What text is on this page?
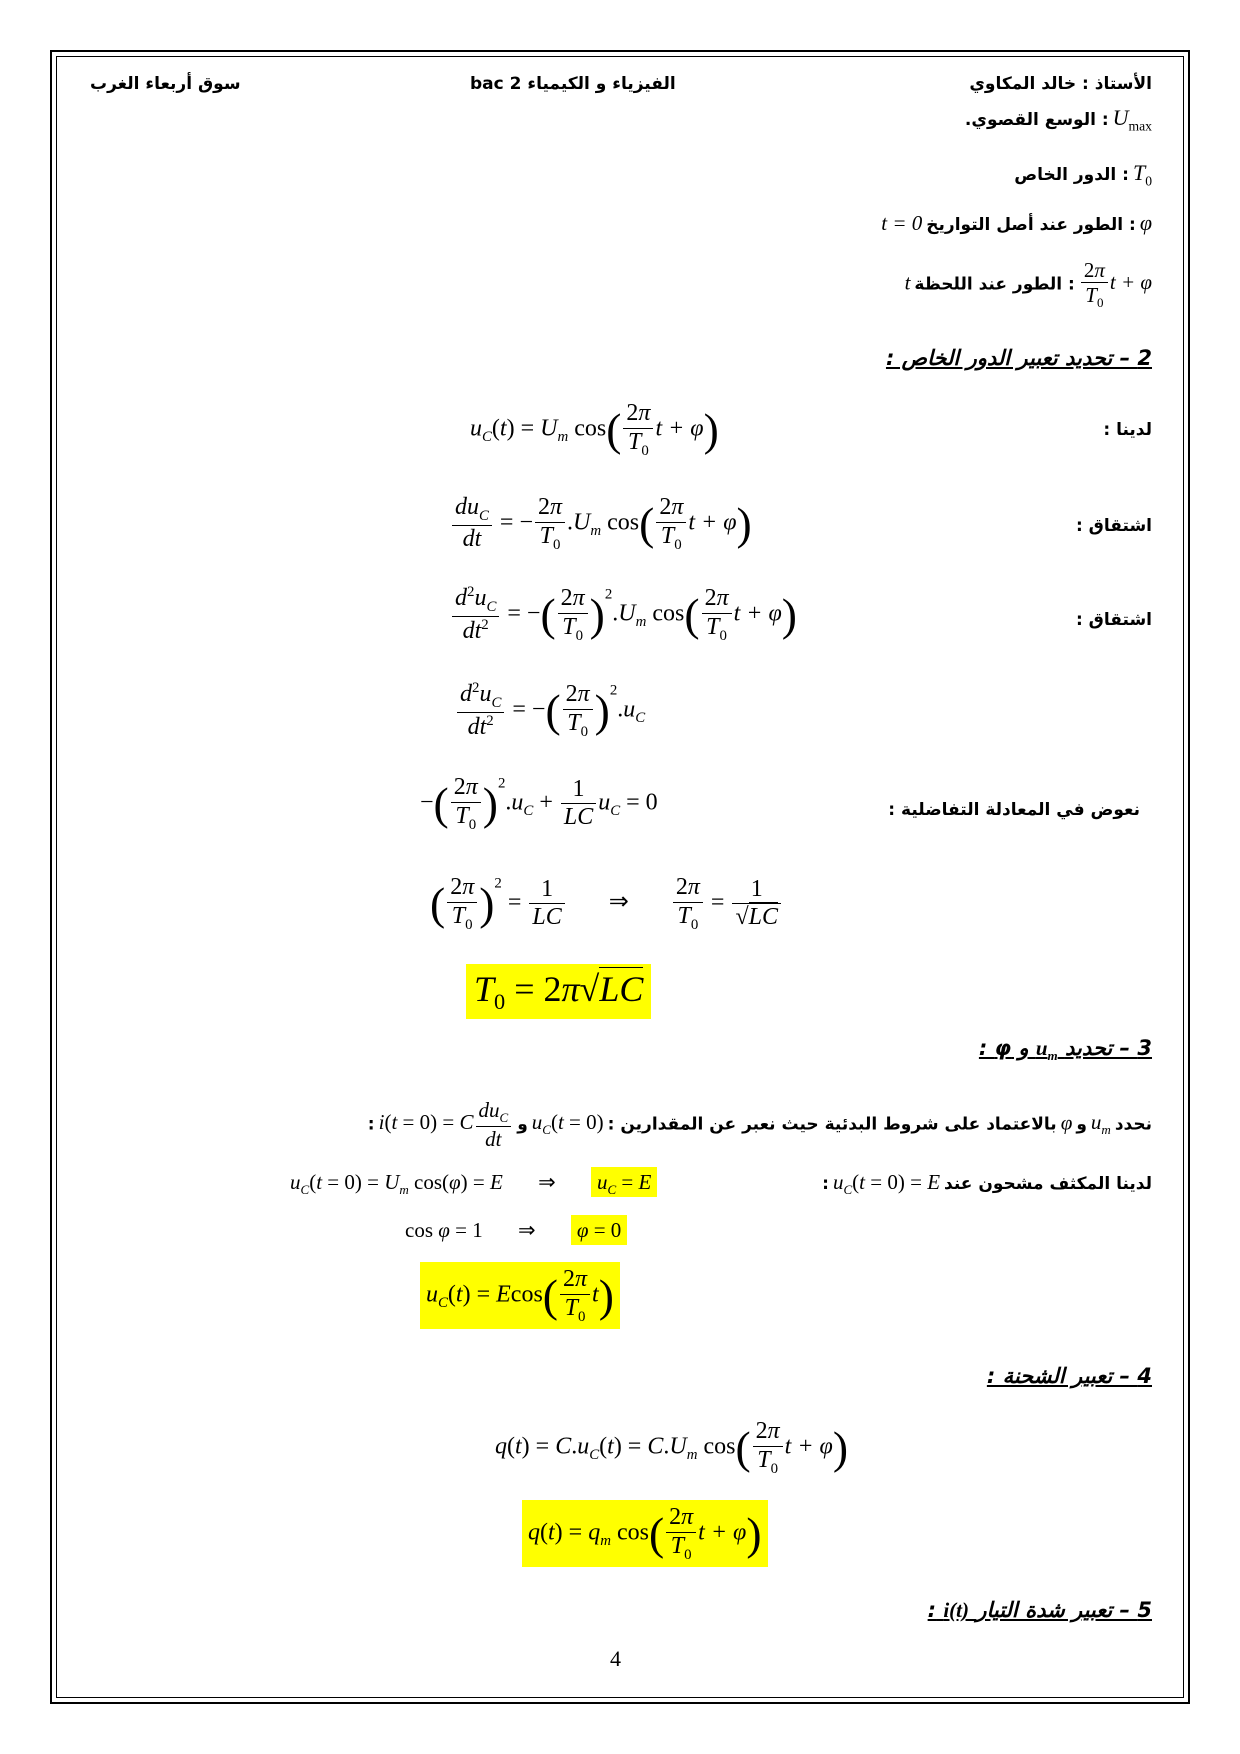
الأستاذ : خالد المكاوي
الفيزياء و الكيمياء 2 bac
سوق أربعاء الغرب
$U_{max}$ : الوسع القصوي.
$T_0$ : الدور الخاص
φ : الطور عند أصل التواريخ t = 0
$\frac{2\pi}{T_0}$ t + φ : الطور عند اللحظة t
2 – تحديد تعبير الدور الخاص :
لدينا :
$u_C(t) = U_m$ $\cos( \frac{2\pi}{T_0}$ t + φ)
اشتقاق :
$\frac{du_C}{dt}$ = − $\frac{2\pi}{T_0} .U_m$ $\cos( \frac{2\pi}{T_0}$ t + φ)
اشتقاق :
$\frac{d^2u_C}{dt^2}$ = −( $\frac{2\pi}{T_0} )^2.U_m$ $\cos( \frac{2\pi}{T_0}$ t + φ)
$\frac{d^2u_C}{dt^2}$ = −( $\frac{2\pi}{T_0} )^2.u_C$
نعوض في المعادلة التفاضلية :
−( $\frac{2\pi}{T_0} )^2.u_C + \frac{1}{LC} u_C = 0$
( $\frac{2\pi}{T_0} )^2 = \frac{1}{LC}$ ⇒ $\frac{2\pi}{T_0} = \frac{1}{√LC}$
$T_0 = 2\pi√LC$
3 – تحديد $u_m$ و φ :
نحدد $u_m$ و φ بالاعتماد على شروط البدئية حيث نعبر عن المقدارين : $u_C(t = 0)$ و i(t = 0) = C $\frac{du_C}{dt}$
:
لدينا المكثف مشحون عند $u_C(t = 0) = E$ :
$u_C(t = 0) = U_m$ cos(φ) = E ⇒ $u_C = E$
cos φ = 1 ⇒ φ = 0
$u_C(t) = Ecos( \frac{2\pi}{T_0} t)$
4 – تعبير الشحنة :
$q(t) = C.u_C(t) = C.U_m$ $\cos( \frac{2\pi}{T_0}$ t + φ)
$q(t) = q_m$ $\cos( \frac{2\pi}{T_0}$ t + φ)
5 – تعبير شدة التيار i(t) :
4
